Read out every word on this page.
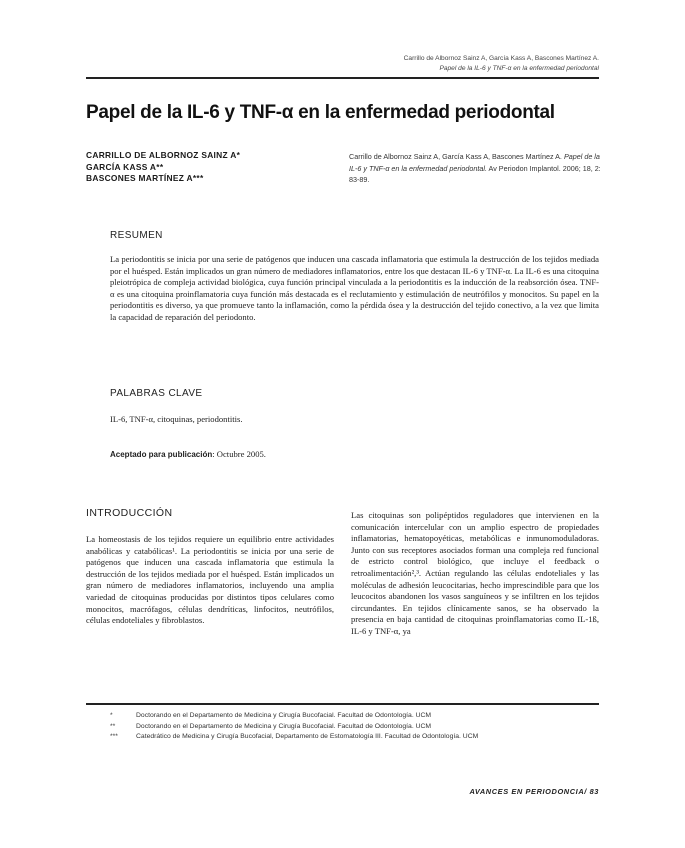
Carrillo de Albornoz Sainz A, García Kass A, Bascones Martínez A.
Papel de la IL-6 y TNF-α en la enfermedad periodontal
Papel de la IL-6 y TNF-α en la enfermedad periodontal
CARRILLO DE ALBORNOZ SAINZ A*
GARCÍA KASS A**
BASCONES MARTÍNEZ A***
Carrillo de Albornoz Sainz A, García Kass A, Bascones Martínez A. Papel de la IL-6 y TNF-α en la enfermedad periodontal. Av Periodon Implantol. 2006; 18, 2: 83-89.
RESUMEN
La periodontitis se inicia por una serie de patógenos que inducen una cascada inflamatoria que estimula la destrucción de los tejidos mediada por el huésped. Están implicados un gran número de mediadores inflamatorios, entre los que destacan IL-6 y TNF-α. La IL-6 es una citoquina pleiotrópica de compleja actividad biológica, cuya función principal vinculada a la periodontitis es la inducción de la reabsorción ósea. TNF-α es una citoquina proinflamatoria cuya función más destacada es el reclutamiento y estimulación de neutrófilos y monocitos. Su papel en la periodontitis es diverso, ya que promueve tanto la inflamación, como la pérdida ósea y la destrucción del tejido conectivo, a la vez que limita la capacidad de reparación del periodonto.
PALABRAS CLAVE
IL-6, TNF-α, citoquinas, periodontitis.
Aceptado para publicación: Octubre 2005.
INTRODUCCIÓN
La homeostasis de los tejidos requiere un equilibrio entre actividades anabólicas y catabólicas¹. La periodontitis se inicia por una serie de patógenos que inducen una cascada inflamatoria que estimula la destrucción de los tejidos mediada por el huésped. Están implicados un gran número de mediadores inflamatorios, incluyendo una amplia variedad de citoquinas producidas por distintos tipos celulares como monocitos, macrófagos, células dendríticas, linfocitos, neutrófilos, células endoteliales y fibroblastos.
Las citoquinas son polipéptidos reguladores que intervienen en la comunicación intercelular con un amplio espectro de propiedades inflamatorias, hematopoyéticas, metabólicas e inmunomoduladoras. Junto con sus receptores asociados forman una compleja red funcional de estricto control biológico, que incluye el feedback o retroalimentación²,³. Actúan regulando las células endoteliales y las moléculas de adhesión leucocitarias, hecho imprescindible para que los leucocitos abandonen los vasos sanguíneos y se infiltren en los tejidos circundantes. En tejidos clínicamente sanos, se ha observado la presencia en baja cantidad de citoquinas proinflamatorias como IL-1ß, IL-6 y TNF-α, ya
*	Doctorando en el Departamento de Medicina y Cirugía Bucofacial. Facultad de Odontología. UCM
**	Doctorando en el Departamento de Medicina y Cirugía Bucofacial. Facultad de Odontología. UCM
***	Catedrático de Medicina y Cirugía Bucofacial, Departamento de Estomatología III. Facultad de Odontología. UCM
AVANCES EN PERIODONCIA/ 83
